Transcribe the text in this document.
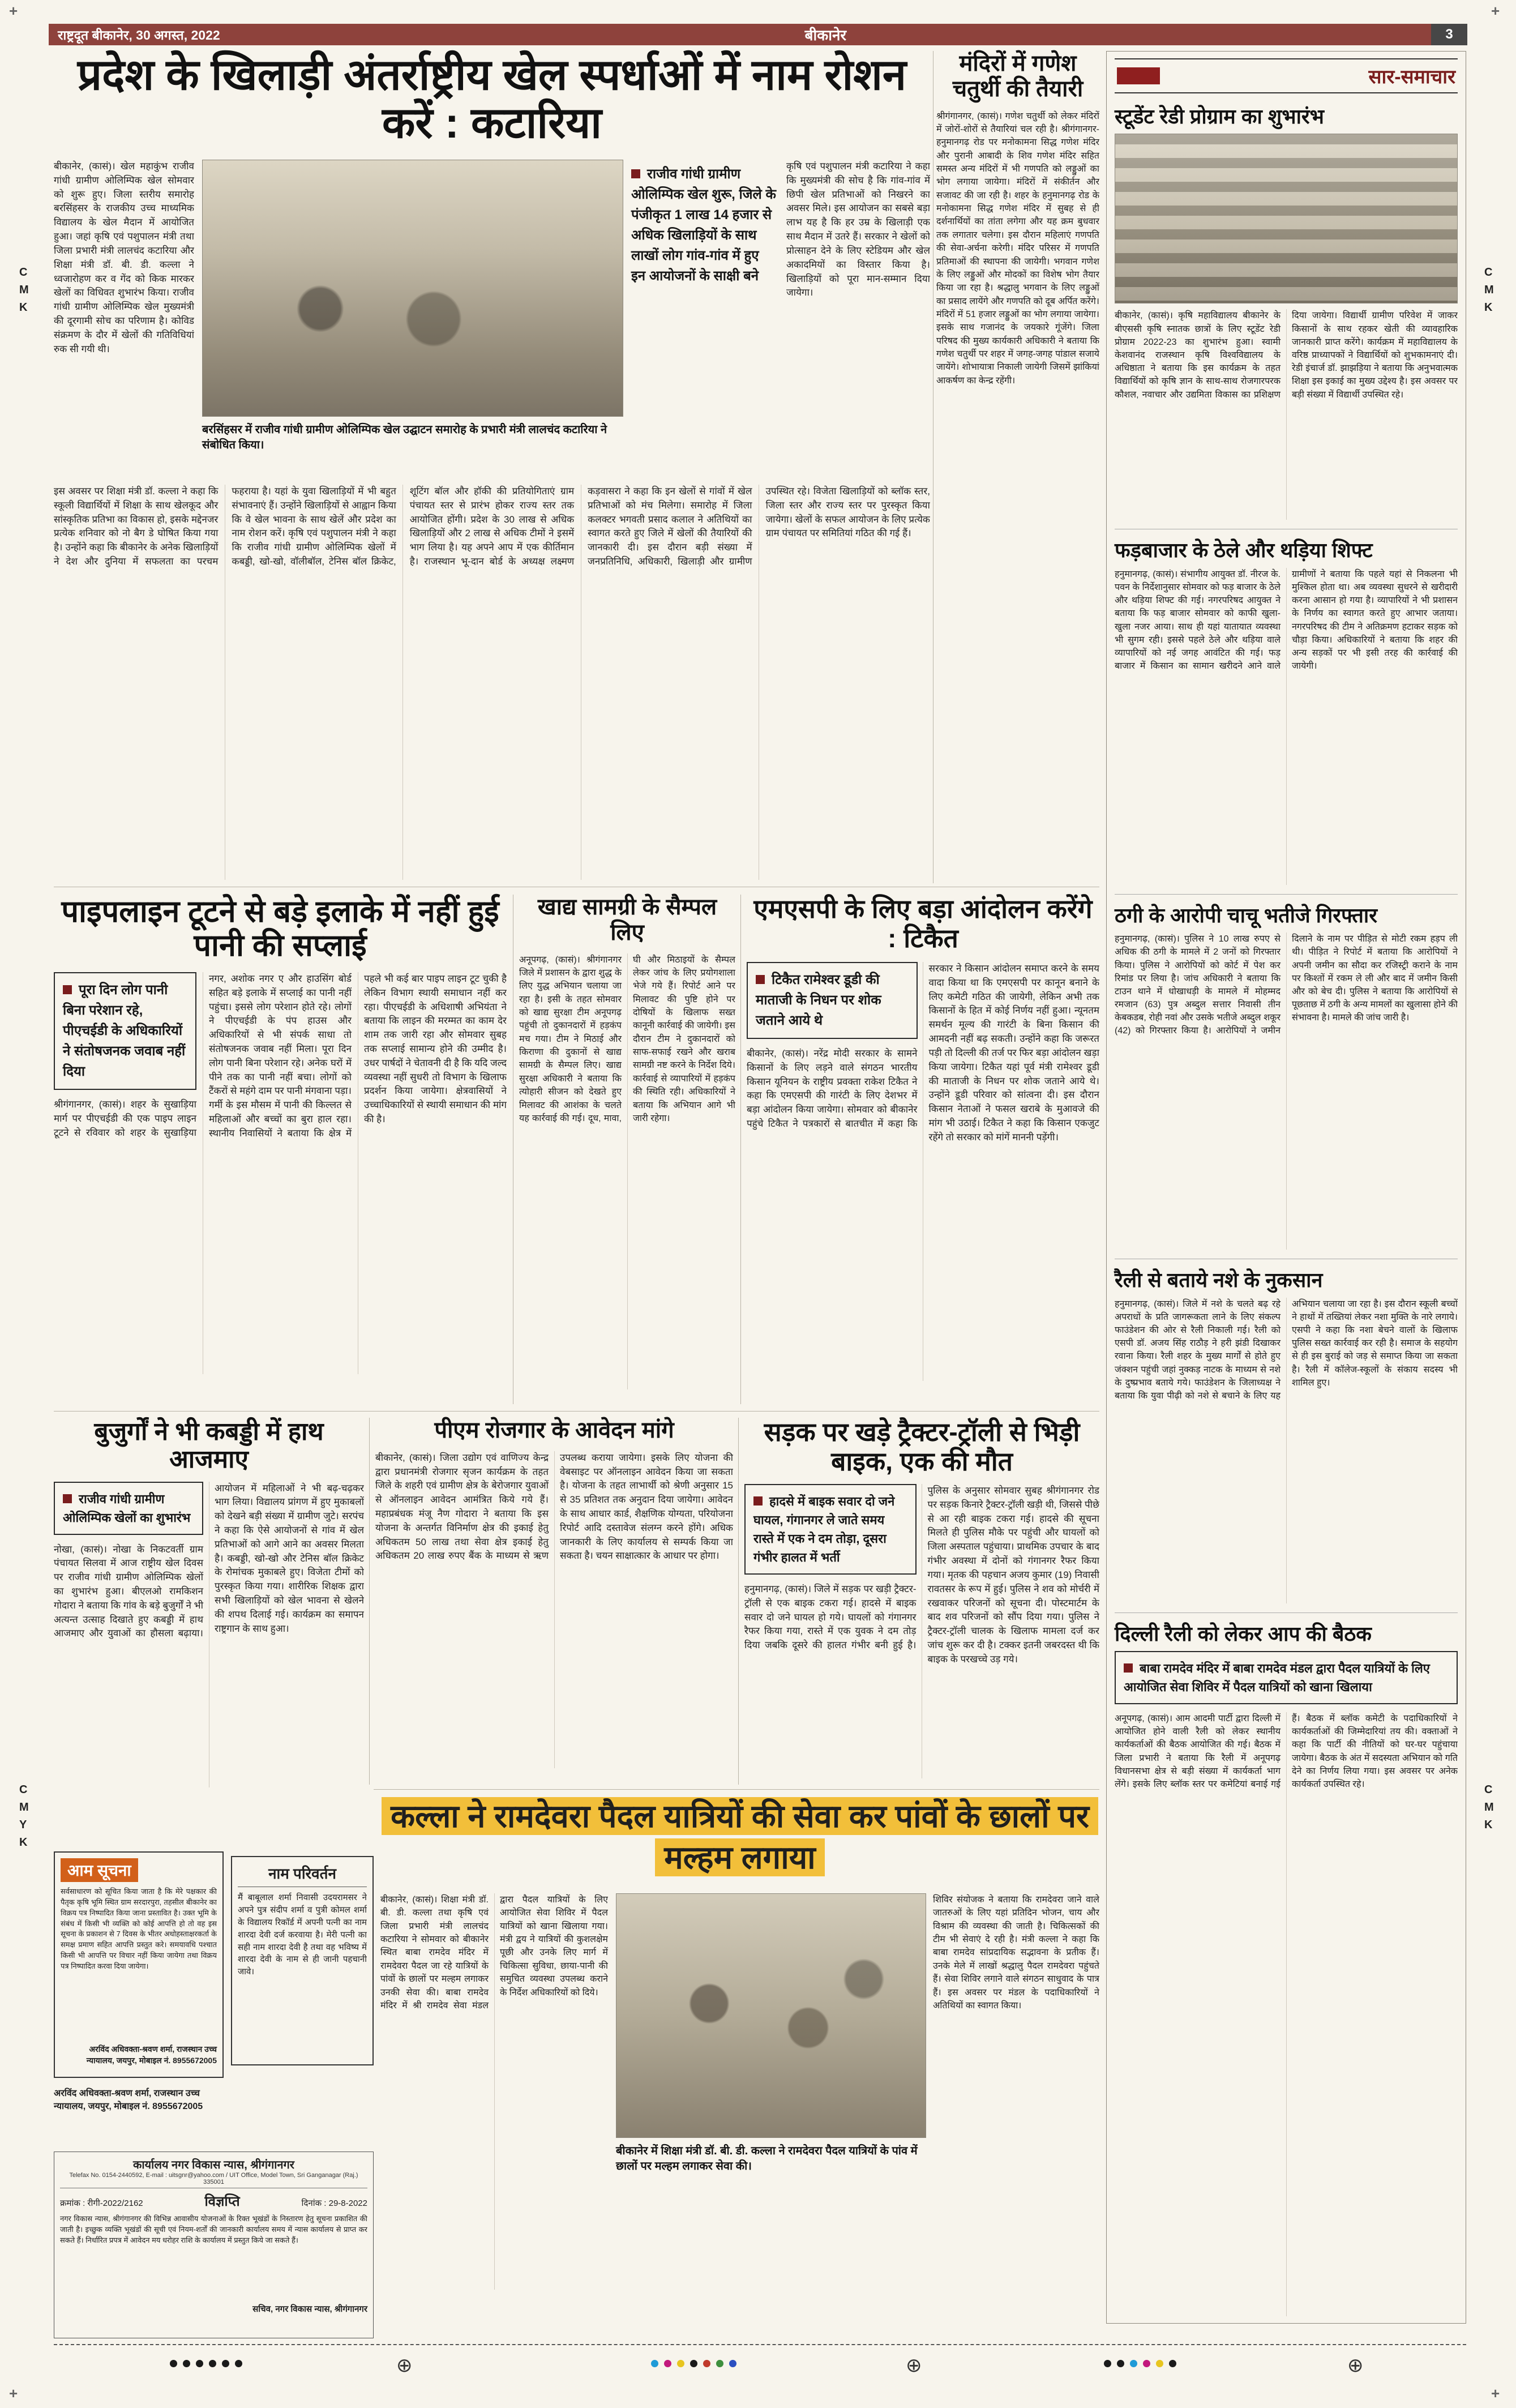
+	+
+	+
C
M
K
C
M
K
C
M
Y
K
C
M
K
राष्ट्रदूत बीकानेर, 30 अगस्त, 2022	बीकानेर	3
प्रदेश के खिलाड़ी अंतर्राष्ट्रीय खेल स्पर्धाओं में नाम रोशन करें : कटारिया
बीकानेर, (कासं)। खेल महाकुंभ राजीव गांधी ग्रामीण ओलिम्पिक खेल सोमवार को शुरू हुए। जिला स्तरीय समारोह बरसिंहसर के राजकीय उच्च माध्यमिक विद्यालय के खेल मैदान में आयोजित हुआ। जहां कृषि एवं पशुपालन मंत्री तथा जिला प्रभारी मंत्री लालचंद कटारिया और शिक्षा मंत्री डॉ. बी. डी. कल्ला ने ध्वजारोहण कर व गेंद को किक मारकर खेलों का विधिवत शुभारंभ किया। राजीव गांधी ग्रामीण ओलिम्पिक खेल मुख्यमंत्री की दूरगामी सोच का परिणाम है। कोविड संक्रमण के दौर में खेलों की गतिविधियां रुक सी गयी थी।
बरसिंहसर में राजीव गांधी ग्रामीण ओलिम्पिक खेल उद्घाटन समारोह के प्रभारी मंत्री लालचंद कटारिया ने संबोधित किया।
राजीव गांधी ग्रामीण ओलिम्पिक खेल शुरू, जिले के पंजीकृत 1 लाख 14 हजार से अधिक खिलाड़ियों के साथ लाखों लोग गांव-गांव में हुए इन आयोजनों के साक्षी बने
कृषि एवं पशुपालन मंत्री कटारिया ने कहा कि मुख्यमंत्री की सोच है कि गांव-गांव में छिपी खेल प्रतिभाओं को निखरने का अवसर मिले। इस आयोजन का सबसे बड़ा लाभ यह है कि हर उम्र के खिलाड़ी एक साथ मैदान में उतरे हैं। सरकार ने खेलों को प्रोत्साहन देने के लिए स्टेडियम और खेल अकादमियों का विस्तार किया है। खिलाड़ियों को पूरा मान-सम्मान दिया जायेगा।
इस अवसर पर शिक्षा मंत्री डॉ. कल्ला ने कहा कि स्कूली विद्यार्थियों में शिक्षा के साथ खेलकूद और सांस्कृतिक प्रतिभा का विकास हो, इसके मद्देनजर प्रत्येक शनिवार को नो बैग डे घोषित किया गया है। उन्होंने कहा कि बीकानेर के अनेक खिलाड़ियों ने देश और दुनिया में सफलता का परचम फहराया है। यहां के युवा खिलाड़ियों में भी बहुत संभावनाएं हैं। उन्होंने खिलाड़ियों से आह्वान किया कि वे खेल भावना के साथ खेलें और प्रदेश का नाम रोशन करें। कृषि एवं पशुपालन मंत्री ने कहा कि राजीव गांधी ग्रामीण ओलिम्पिक खेलों में कबड्डी, खो-खो, वॉलीबॉल, टेनिस बॉल क्रिकेट, शूटिंग बॉल और हॉकी की प्रतियोगिताएं ग्राम पंचायत स्तर से प्रारंभ होकर राज्य स्तर तक आयोजित होंगी। प्रदेश के 30 लाख से अधिक खिलाड़ियों और 2 लाख से अधिक टीमों ने इसमें भाग लिया है। यह अपने आप में एक कीर्तिमान है। राजस्थान भू-दान बोर्ड के अध्यक्ष लक्ष्मण कड़वासरा ने कहा कि इन खेलों से गांवों में खेल प्रतिभाओं को मंच मिलेगा। समारोह में जिला कलक्टर भगवती प्रसाद कलाल ने अतिथियों का स्वागत करते हुए जिले में खेलों की तैयारियों की जानकारी दी। इस दौरान बड़ी संख्या में जनप्रतिनिधि, अधिकारी, खिलाड़ी और ग्रामीण उपस्थित रहे। विजेता खिलाड़ियों को ब्लॉक स्तर, जिला स्तर और राज्य स्तर पर पुरस्कृत किया जायेगा। खेलों के सफल आयोजन के लिए प्रत्येक ग्राम पंचायत पर समितियां गठित की गई हैं।
मंदिरों में गणेश चतुर्थी की तैयारी
श्रीगंगानगर, (कासं)। गणेश चतुर्थी को लेकर मंदिरों में जोरों-शोरों से तैयारियां चल रही है। श्रीगंगानगर-हनुमानगढ़ रोड पर मनोकामना सिद्ध गणेश मंदिर और पुरानी आबादी के शिव गणेश मंदिर सहित समस्त अन्य मंदिरों में भी गणपति को लड्डुओं का भोग लगाया जायेगा। मंदिरों में संकीर्तन और सजावट की जा रही है। शहर के हनुमानगढ़ रोड के मनोकामना सिद्ध गणेश मंदिर में सुबह से ही दर्शनार्थियों का तांता लगेगा और यह क्रम बुधवार तक लगातार चलेगा। इस दौरान महिलाएं गणपति की सेवा-अर्चना करेगी। मंदिर परिसर में गणपति प्रतिमाओं की स्थापना की जायेगी। भगवान गणेश के लिए लड्डुओं और मोदकों का विशेष भोग तैयार किया जा रहा है। श्रद्धालु भगवान के लिए लड्डुओं का प्रसाद लायेंगे और गणपति को दूब अर्पित करेंगे। मंदिरों में 51 हजार लड्डुओं का भोग लगाया जायेगा। इसके साथ गजानंद के जयकारे गूंजेंगे। जिला परिषद की मुख्य कार्यकारी अधिकारी ने बताया कि गणेश चतुर्थी पर शहर में जगह-जगह पांडाल सजाये जायेंगे। शोभायात्रा निकाली जायेगी जिसमें झांकियां आकर्षण का केन्द्र रहेंगी।
सार-समाचार
स्टूडेंट रेडी प्रोग्राम का शुभारंभ
बीकानेर, (कासं)। कृषि महाविद्यालय बीकानेर के बीएससी कृषि स्नातक छात्रों के लिए स्टूडेंट रेडी प्रोग्राम 2022-23 का शुभारंभ हुआ। स्वामी केशवानंद राजस्थान कृषि विश्वविद्यालय के अधिष्ठाता ने बताया कि इस कार्यक्रम के तहत विद्यार्थियों को कृषि ज्ञान के साथ-साथ रोजगारपरक कौशल, नवाचार और उद्यमिता विकास का प्रशिक्षण दिया जायेगा। विद्यार्थी ग्रामीण परिवेश में जाकर किसानों के साथ रहकर खेती की व्यावहारिक जानकारी प्राप्त करेंगे। कार्यक्रम में महाविद्यालय के वरिष्ठ प्राध्यापकों ने विद्यार्थियों को शुभकामनाएं दी। रेडी इंचार्ज डॉ. झाझड़िया ने बताया कि अनुभवात्मक शिक्षा इस इकाई का मुख्य उद्देश्य है। इस अवसर पर बड़ी संख्या में विद्यार्थी उपस्थित रहे।
फड़बाजार के ठेले और थड़िया शिफ्ट
हनुमानगढ़, (कासं)। संभागीय आयुक्त डॉ. नीरज के. पवन के निर्देशानुसार सोमवार को फड़ बाजार के ठेले और थड़िया शिफ्ट की गई। नगरपरिषद आयुक्त ने बताया कि फड़ बाजार सोमवार को काफी खुला-खुला नजर आया। साथ ही यहां यातायात व्यवस्था भी सुगम रही। इससे पहले ठेले और थड़िया वाले व्यापारियों को नई जगह आवंटित की गई। फड़ बाजार में किसान का सामान खरीदने आने वाले ग्रामीणों ने बताया कि पहले यहां से निकलना भी मुश्किल होता था। अब व्यवस्था सुधरने से खरीदारी करना आसान हो गया है। व्यापारियों ने भी प्रशासन के निर्णय का स्वागत करते हुए आभार जताया। नगरपरिषद की टीम ने अतिक्रमण हटाकर सड़क को चौड़ा किया। अधिकारियों ने बताया कि शहर की अन्य सड़कों पर भी इसी तरह की कार्रवाई की जायेगी।
ठगी के आरोपी चाचू भतीजे गिरफ्तार
हनुमानगढ़, (कासं)। पुलिस ने 10 लाख रुपए से अधिक की ठगी के मामले में 2 जनों को गिरफ्तार किया। पुलिस ने आरोपियों को कोर्ट में पेश कर रिमांड पर लिया है। जांच अधिकारी ने बताया कि टाउन थाने में धोखाधड़ी के मामले में मोहम्मद रमजान (63) पुत्र अब्दुल सत्तार निवासी तीन केबकडब, रोही नवां और उसके भतीजे अब्दुल शकूर (42) को गिरफ्तार किया है। आरोपियों ने जमीन दिलाने के नाम पर पीड़ित से मोटी रकम हड़प ली थी। पीड़ित ने रिपोर्ट में बताया कि आरोपियों ने अपनी जमीन का सौदा कर रजिस्ट्री कराने के नाम पर किश्तों में रकम ले ली और बाद में जमीन किसी और को बेच दी। पुलिस ने बताया कि आरोपियों से पूछताछ में ठगी के अन्य मामलों का खुलासा होने की संभावना है। मामले की जांच जारी है।
रैली से बताये नशे के नुकसान
हनुमानगढ़, (कासं)। जिले में नशे के चलते बढ़ रहे अपराधों के प्रति जागरूकता लाने के लिए संकल्प फाउंडेशन की ओर से रैली निकाली गई। रैली को एसपी डॉ. अजय सिंह राठौड़ ने हरी झंडी दिखाकर रवाना किया। रैली शहर के मुख्य मार्गों से होते हुए जंक्शन पहुंची जहां नुक्कड़ नाटक के माध्यम से नशे के दुष्प्रभाव बताये गये। फाउंडेशन के जिलाध्यक्ष ने बताया कि युवा पीढ़ी को नशे से बचाने के लिए यह अभियान चलाया जा रहा है। इस दौरान स्कूली बच्चों ने हाथों में तख्तियां लेकर नशा मुक्ति के नारे लगाये। एसपी ने कहा कि नशा बेचने वालों के खिलाफ पुलिस सख्त कार्रवाई कर रही है। समाज के सहयोग से ही इस बुराई को जड़ से समाप्त किया जा सकता है। रैली में कॉलेज-स्कूलों के संकाय सदस्य भी शामिल हुए।
दिल्ली रैली को लेकर आप की बैठक
बाबा रामदेव मंदिर में बाबा रामदेव मंडल द्वारा पैदल यात्रियों के लिए आयोजित सेवा शिविर में पैदल यात्रियों को खाना खिलाया
अनूपगढ़, (कासं)। आम आदमी पार्टी द्वारा दिल्ली में आयोजित होने वाली रैली को लेकर स्थानीय कार्यकर्ताओं की बैठक आयोजित की गई। बैठक में जिला प्रभारी ने बताया कि रैली में अनूपगढ़ विधानसभा क्षेत्र से बड़ी संख्या में कार्यकर्ता भाग लेंगे। इसके लिए ब्लॉक स्तर पर कमेटियां बनाई गई हैं। बैठक में ब्लॉक कमेटी के पदाधिकारियों ने कार्यकर्ताओं की जिम्मेदारियां तय की। वक्ताओं ने कहा कि पार्टी की नीतियों को घर-घर पहुंचाया जायेगा। बैठक के अंत में सदस्यता अभियान को गति देने का निर्णय लिया गया। इस अवसर पर अनेक कार्यकर्ता उपस्थित रहे।
पाइपलाइन टूटने से बड़े इलाके में नहीं हुई पानी की सप्लाई
पूरा दिन लोग पानी बिना परेशान रहे, पीएचईडी के अधिकारियों ने संतोषजनक जवाब नहीं दिया
श्रीगंगानगर, (कासं)। शहर के सुखाड़िया मार्ग पर पीएचईडी की एक पाइप लाइन टूटने से रविवार को शहर के सुखाड़िया नगर, अशोक नगर ए और हाउसिंग बोर्ड सहित बड़े इलाके में सप्लाई का पानी नहीं पहुंचा। इससे लोग परेशान होते रहे। लोगों ने पीएचईडी के पंप हाउस और अधिकारियों से भी संपर्क साधा तो संतोषजनक जवाब नहीं मिला। पूरा दिन लोग पानी बिना परेशान रहे। अनेक घरों में पीने तक का पानी नहीं बचा। लोगों को टैंकरों से महंगे दाम पर पानी मंगवाना पड़ा। गर्मी के इस मौसम में पानी की किल्लत से महिलाओं और बच्चों का बुरा हाल रहा। स्थानीय निवासियों ने बताया कि क्षेत्र में पहले भी कई बार पाइप लाइन टूट चुकी है लेकिन विभाग स्थायी समाधान नहीं कर रहा। पीएचईडी के अधिशाषी अभियंता ने बताया कि लाइन की मरम्मत का काम देर शाम तक जारी रहा और सोमवार सुबह तक सप्लाई सामान्य होने की उम्मीद है। उधर पार्षदों ने चेतावनी दी है कि यदि जल्द व्यवस्था नहीं सुधरी तो विभाग के खिलाफ प्रदर्शन किया जायेगा। क्षेत्रवासियों ने उच्चाधिकारियों से स्थायी समाधान की मांग की है।
खाद्य सामग्री के सैम्पल लिए
अनूपगढ़, (कासं)। श्रीगंगानगर जिले में प्रशासन के द्वारा शुद्ध के लिए युद्ध अभियान चलाया जा रहा है। इसी के तहत सोमवार को खाद्य सुरक्षा टीम अनूपगढ़ पहुंची तो दुकानदारों में हड़कंप मच गया। टीम ने मिठाई और किराणा की दुकानों से खाद्य सामग्री के सैम्पल लिए। खाद्य सुरक्षा अधिकारी ने बताया कि त्योहारी सीजन को देखते हुए मिलावट की आशंका के चलते यह कार्रवाई की गई। दूध, मावा, घी और मिठाइयों के सैम्पल लेकर जांच के लिए प्रयोगशाला भेजे गये हैं। रिपोर्ट आने पर मिलावट की पुष्टि होने पर दोषियों के खिलाफ सख्त कानूनी कार्रवाई की जायेगी। इस दौरान टीम ने दुकानदारों को साफ-सफाई रखने और खराब सामग्री नष्ट करने के निर्देश दिये। कार्रवाई से व्यापारियों में हड़कंप की स्थिति रही। अधिकारियों ने बताया कि अभियान आगे भी जारी रहेगा।
एमएसपी के लिए बड़ा आंदोलन करेंगे : टिकैत
टिकैत रामेश्वर डूडी की माताजी के निधन पर शोक जताने आये थे
बीकानेर, (कासं)। नरेंद्र मोदी सरकार के सामने किसानों के लिए लड़ने वाले संगठन भारतीय किसान यूनियन के राष्ट्रीय प्रवक्ता राकेश टिकैत ने कहा कि एमएसपी की गारंटी के लिए देशभर में बड़ा आंदोलन किया जायेगा। सोमवार को बीकानेर पहुंचे टिकैत ने पत्रकारों से बातचीत में कहा कि सरकार ने किसान आंदोलन समाप्त करने के समय वादा किया था कि एमएसपी पर कानून बनाने के लिए कमेटी गठित की जायेगी, लेकिन अभी तक किसानों के हित में कोई निर्णय नहीं हुआ। न्यूनतम समर्थन मूल्य की गारंटी के बिना किसान की आमदनी नहीं बढ़ सकती। उन्होंने कहा कि जरूरत पड़ी तो दिल्ली की तर्ज पर फिर बड़ा आंदोलन खड़ा किया जायेगा। टिकैत यहां पूर्व मंत्री रामेश्वर डूडी की माताजी के निधन पर शोक जताने आये थे। उन्होंने डूडी परिवार को सांत्वना दी। इस दौरान किसान नेताओं ने फसल खराबे के मुआवजे की मांग भी उठाई। टिकैत ने कहा कि किसान एकजुट रहेंगे तो सरकार को मांगें माननी पड़ेंगी।
बुजुर्गों ने भी कबड्डी में हाथ आजमाए
राजीव गांधी ग्रामीण ओलिम्पिक खेलों का शुभारंभ
नोखा, (कासं)। नोखा के निकटवर्ती ग्राम पंचायत सिलवा में आज राष्ट्रीय खेल दिवस पर राजीव गांधी ग्रामीण ओलिम्पिक खेलों का शुभारंभ हुआ। बीएलओ रामकिशन गोदारा ने बताया कि गांव के बड़े बुजुर्गों ने भी अत्यन्त उत्साह दिखाते हुए कबड्डी में हाथ आजमाए और युवाओं का हौसला बढ़ाया। आयोजन में महिलाओं ने भी बढ़-चढ़कर भाग लिया। विद्यालय प्रांगण में हुए मुकाबलों को देखने बड़ी संख्या में ग्रामीण जुटे। सरपंच ने कहा कि ऐसे आयोजनों से गांव में खेल प्रतिभाओं को आगे आने का अवसर मिलता है। कबड्डी, खो-खो और टेनिस बॉल क्रिकेट के रोमांचक मुकाबले हुए। विजेता टीमों को पुरस्कृत किया गया। शारीरिक शिक्षक द्वारा सभी खिलाड़ियों को खेल भावना से खेलने की शपथ दिलाई गई। कार्यक्रम का समापन राष्ट्रगान के साथ हुआ।
पीएम रोजगार के आवेदन मांगे
बीकानेर, (कासं)। जिला उद्योग एवं वाणिज्य केन्द्र द्वारा प्रधानमंत्री रोजगार सृजन कार्यक्रम के तहत जिले के शहरी एवं ग्रामीण क्षेत्र के बेरोजगार युवाओं से ऑनलाइन आवेदन आमंत्रित किये गये हैं। महाप्रबंधक मंजू नैण गोदारा ने बताया कि इस योजना के अन्तर्गत विनिर्माण क्षेत्र की इकाई हेतु अधिकतम 50 लाख तथा सेवा क्षेत्र इकाई हेतु अधिकतम 20 लाख रुपए बैंक के माध्यम से ऋण उपलब्ध कराया जायेगा। इसके लिए योजना की वेबसाइट पर ऑनलाइन आवेदन किया जा सकता है। योजना के तहत लाभार्थी को श्रेणी अनुसार 15 से 35 प्रतिशत तक अनुदान दिया जायेगा। आवेदन के साथ आधार कार्ड, शैक्षणिक योग्यता, परियोजना रिपोर्ट आदि दस्तावेज संलग्न करने होंगे। अधिक जानकारी के लिए कार्यालय से सम्पर्क किया जा सकता है। चयन साक्षात्कार के आधार पर होगा।
सड़क पर खड़े ट्रैक्टर-ट्रॉली से भिड़ी बाइक, एक की मौत
हादसे में बाइक सवार दो जने घायल, गंगानगर ले जाते समय रास्ते में एक ने दम तोड़ा, दूसरा गंभीर हालत में भर्ती
हनुमानगढ़, (कासं)। जिले में सड़क पर खड़ी ट्रैक्टर-ट्रॉली से एक बाइक टकरा गई। हादसे में बाइक सवार दो जने घायल हो गये। घायलों को गंगानगर रैफर किया गया, रास्ते में एक युवक ने दम तोड़ दिया जबकि दूसरे की हालत गंभीर बनी हुई है। पुलिस के अनुसार सोमवार सुबह श्रीगंगानगर रोड पर सड़क किनारे ट्रैक्टर-ट्रॉली खड़ी थी, जिससे पीछे से आ रही बाइक टकरा गई। हादसे की सूचना मिलते ही पुलिस मौके पर पहुंची और घायलों को जिला अस्पताल पहुंचाया। प्राथमिक उपचार के बाद गंभीर अवस्था में दोनों को गंगानगर रैफर किया गया। मृतक की पहचान अजय कुमार (19) निवासी रावतसर के रूप में हुई। पुलिस ने शव को मोर्चरी में रखवाकर परिजनों को सूचना दी। पोस्टमार्टम के बाद शव परिजनों को सौंप दिया गया। पुलिस ने ट्रैक्टर-ट्रॉली चालक के खिलाफ मामला दर्ज कर जांच शुरू कर दी है। टक्कर इतनी जबरदस्त थी कि बाइक के परखच्चे उड़ गये।
कल्ला ने रामदेवरा पैदल यात्रियों की सेवा कर पांवों के छालों पर मल्हम लगाया
बीकानेर, (कासं)। शिक्षा मंत्री डॉ. बी. डी. कल्ला तथा कृषि एवं जिला प्रभारी मंत्री लालचंद कटारिया ने सोमवार को बीकानेर स्थित बाबा रामदेव मंदिर में रामदेवरा पैदल जा रहे यात्रियों के पांवों के छालों पर मल्हम लगाकर उनकी सेवा की। बाबा रामदेव मंदिर में श्री रामदेव सेवा मंडल द्वारा पैदल यात्रियों के लिए आयोजित सेवा शिविर में पैदल यात्रियों को खाना खिलाया गया। मंत्री द्वय ने यात्रियों की कुशलक्षेम पूछी और उनके लिए मार्ग में चिकित्सा सुविधा, छाया-पानी की समुचित व्यवस्था उपलब्ध कराने के निर्देश अधिकारियों को दिये।
बीकानेर में शिक्षा मंत्री डॉ. बी. डी. कल्ला ने रामदेवरा पैदल यात्रियों के पांव में छालों पर मल्हम लगाकर सेवा की।
शिविर संयोजक ने बताया कि रामदेवरा जाने वाले जातरुओं के लिए यहां प्रतिदिन भोजन, चाय और विश्राम की व्यवस्था की जाती है। चिकित्सकों की टीम भी सेवाएं दे रही है। मंत्री कल्ला ने कहा कि बाबा रामदेव सांप्रदायिक सद्भावना के प्रतीक हैं। उनके मेले में लाखों श्रद्धालु पैदल रामदेवरा पहुंचते हैं। सेवा शिविर लगाने वाले संगठन साधुवाद के पात्र हैं। इस अवसर पर मंडल के पदाधिकारियों ने अतिथियों का स्वागत किया।
आम सूचना
सर्वसाधारण को सूचित किया जाता है कि मेरे पक्षकार की पैतृक कृषि भूमि स्थित ग्राम सरदारपुरा, तहसील बीकानेर का विक्रय पत्र निष्पादित किया जाना प्रस्तावित है। उक्त भूमि के संबंध में किसी भी व्यक्ति को कोई आपत्ति हो तो वह इस सूचना के प्रकाशन से 7 दिवस के भीतर अधोहस्ताक्षरकर्ता के समक्ष प्रमाण सहित आपत्ति प्रस्तुत करे। समयावधि पश्चात किसी भी आपत्ति पर विचार नहीं किया जायेगा तथा विक्रय पत्र निष्पादित करवा दिया जायेगा।
अरविंद अधिवक्ता-श्रवण शर्मा, राजस्थान उच्च न्यायालय, जयपुर, मोबाइल नं. 8955672005
अरविंद अधिवक्ता-श्रवण शर्मा, राजस्थान उच्च न्यायालय, जयपुर, मोबाइल नं. 8955672005
नाम परिवर्तन
मैं बाबूलाल शर्मा निवासी उदयरामसर ने अपने पुत्र संदीप शर्मा व पुत्री कोमल शर्मा के विद्यालय रिकॉर्ड में अपनी पत्नी का नाम शारदा देवी दर्ज करवाया है। मेरी पत्नी का सही नाम शारदा देवी है तथा वह भविष्य में शारदा देवी के नाम से ही जानी पहचानी जावे।
कार्यालय नगर विकास न्यास, श्रीगंगानगर
Telefax No. 0154-2440592, E-mail : uitsgnr@yahoo.com / UIT Office, Model Town, Sri Ganganagar (Raj.) 335001
क्रमांक : रीगी-2022/2162	विज्ञप्ति	दिनांक : 29-8-2022
नगर विकास न्यास, श्रीगंगानगर की विभिन्न आवासीय योजनाओं के रिक्त भूखंडों के निस्तारण हेतु सूचना प्रकाशित की जाती है। इच्छुक व्यक्ति भूखंडों की सूची एवं नियम-शर्तों की जानकारी कार्यालय समय में न्यास कार्यालय से प्राप्त कर सकते हैं। निर्धारित प्रपत्र में आवेदन मय धरोहर राशि के कार्यालय में प्रस्तुत किये जा सकते हैं।
सचिव, नगर विकास न्यास, श्रीगंगानगर
⊕	⊕	⊕
